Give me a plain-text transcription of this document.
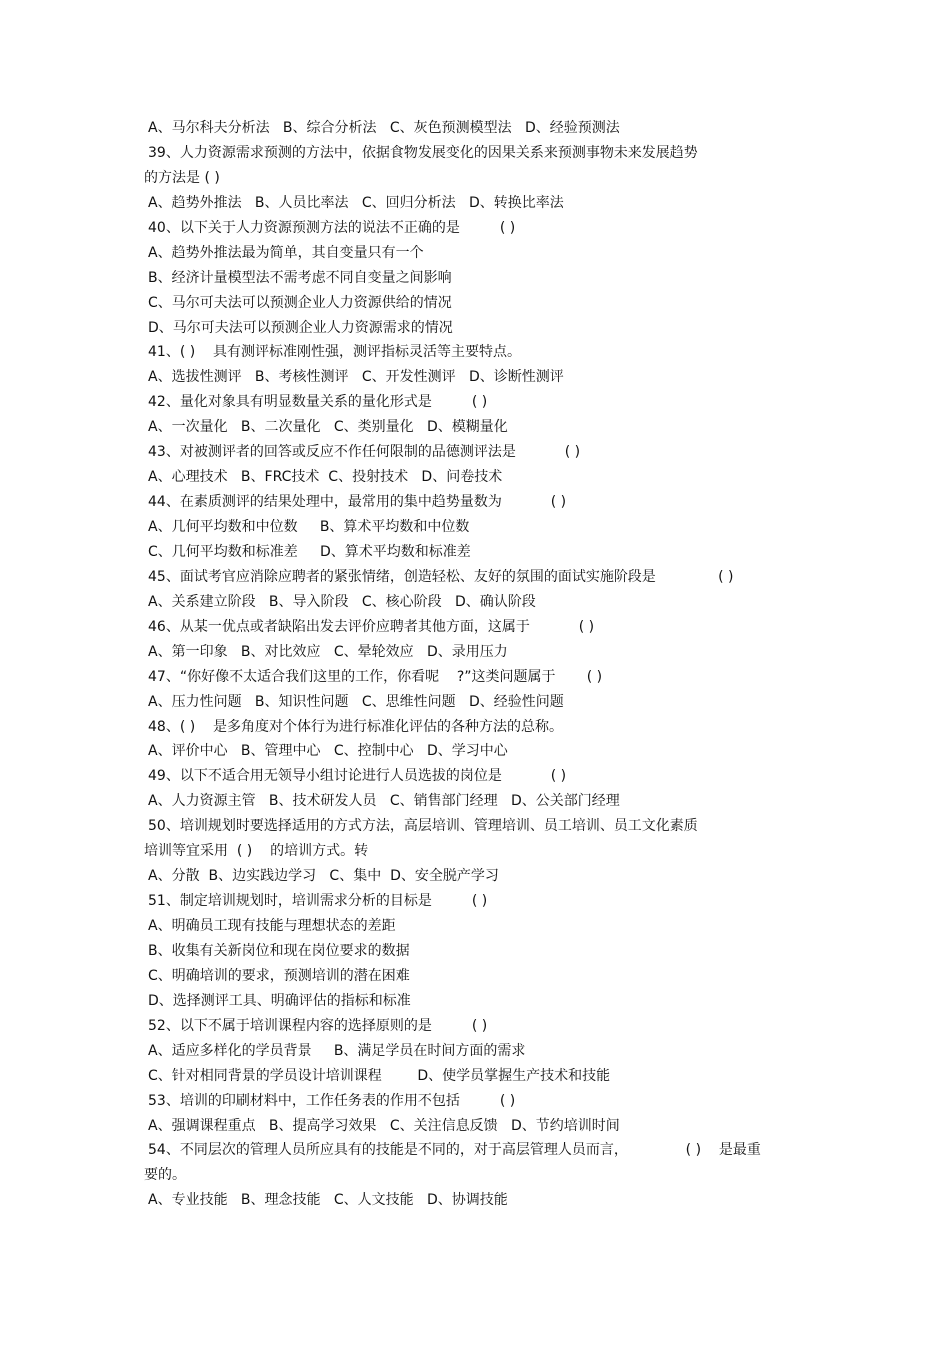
A、马尔科夫分析法   B、综合分析法   C、灰色预测模型法   D、经验预测法
39、人力资源需求预测的方法中，依据食物发展变化的因果关系来预测事物未来发展趋势
的方法是 ( )
A、趋势外推法   B、人员比率法   C、回归分析法   D、转换比率法
40、以下关于人力资源预测方法的说法不正确的是         ( )
A、趋势外推法最为简单，其自变量只有一个
B、经济计量模型法不需考虑不同自变量之间影响
C、马尔可夫法可以预测企业人力资源供给的情况
D、马尔可夫法可以预测企业人力资源需求的情况
41、( )    具有测评标准刚性强，测评指标灵活等主要特点。
A、选拔性测评   B、考核性测评   C、开发性测评   D、诊断性测评
42、量化对象具有明显数量关系的量化形式是         ( )
A、一次量化   B、二次量化   C、类别量化   D、模糊量化
43、对被测评者的回答或反应不作任何限制的品德测评法是           ( )
A、心理技术   B、FRC技术  C、投射技术   D、问卷技术
44、在素质测评的结果处理中，最常用的集中趋势量数为           ( )
A、几何平均数和中位数     B、算术平均数和中位数
C、几何平均数和标准差     D、算术平均数和标准差
45、面试考官应消除应聘者的紧张情绪，创造轻松、友好的氛围的面试实施阶段是              ( )
A、关系建立阶段   B、导入阶段   C、核心阶段   D、确认阶段
46、从某一优点或者缺陷出发去评价应聘者其他方面，这属于           ( )
A、第一印象   B、对比效应   C、晕轮效应   D、录用压力
47、“你好像不太适合我们这里的工作，你看呢    ?”这类问题属于       ( )
A、压力性问题   B、知识性问题   C、思维性问题   D、经验性问题
48、( )    是多角度对个体行为进行标准化评估的各种方法的总称。
A、评价中心   B、管理中心   C、控制中心   D、学习中心
49、以下不适合用无领导小组讨论进行人员选拔的岗位是           ( )
A、人力资源主管   B、技术研发人员   C、销售部门经理   D、公关部门经理
50、培训规划时要选择适用的方式方法，高层培训、管理培训、员工培训、员工文化素质
培训等宜采用  ( )    的培训方式。转
A、分散  B、边实践边学习   C、集中  D、安全脱产学习
51、制定培训规划时，培训需求分析的目标是         ( )
A、明确员工现有技能与理想状态的差距
B、收集有关新岗位和现在岗位要求的数据
C、明确培训的要求，预测培训的潜在困难
D、选择测评工具、明确评估的指标和标准
52、以下不属于培训课程内容的选择原则的是         ( )
A、适应多样化的学员背景     B、满足学员在时间方面的需求
C、针对相同背景的学员设计培训课程        D、使学员掌握生产技术和技能
53、培训的印刷材料中，工作任务表的作用不包括         ( )
A、强调课程重点   B、提高学习效果   C、关注信息反馈   D、节约培训时间
54、不同层次的管理人员所应具有的技能是不同的，对于高层管理人员而言，             ( )    是最重
要的。
A、专业技能   B、理念技能   C、人文技能   D、协调技能
